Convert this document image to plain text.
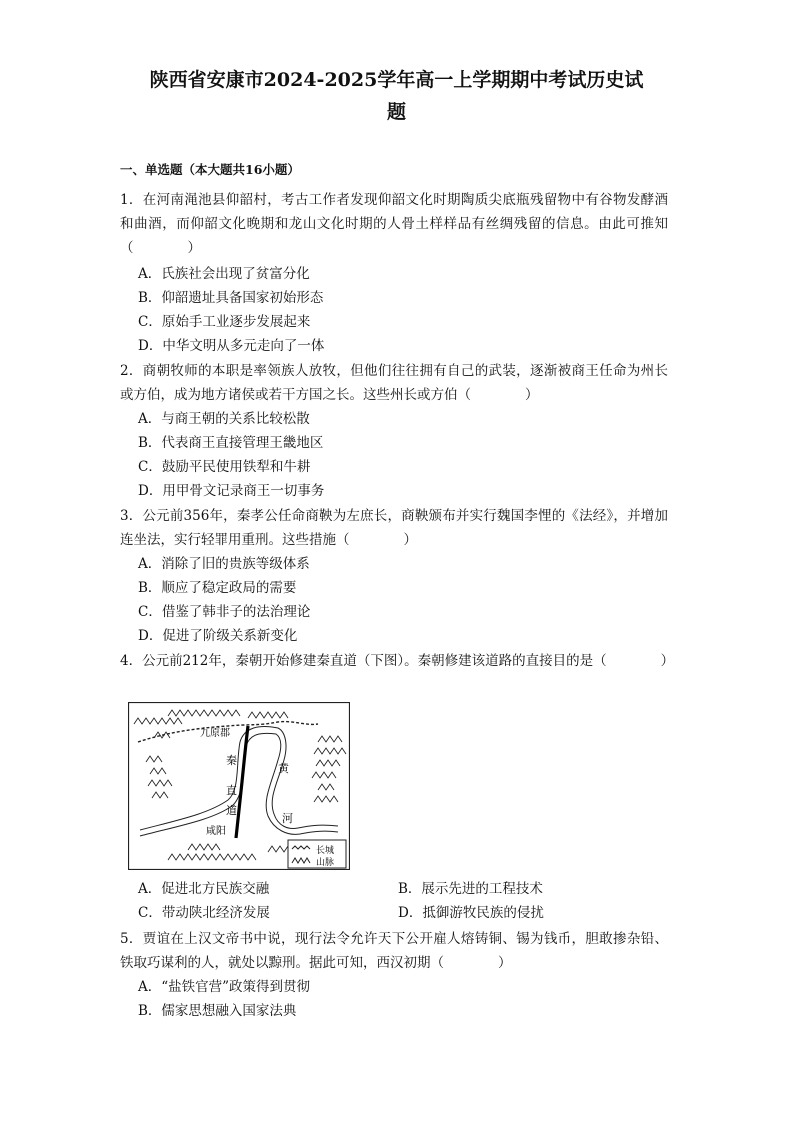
陕西省安康市2024-2025学年高一上学期期中考试历史试
题
一、单选题（本大题共16小题）
1．在河南渑池县仰韶村，考古工作者发现仰韶文化时期陶质尖底瓶残留物中有谷物发酵酒和曲酒，而仰韶文化晚期和龙山文化时期的人骨土样样品有丝绸残留的信息。由此可推知（　　　　）
A．氏族社会出现了贫富分化
B．仰韶遗址具备国家初始形态
C．原始手工业逐步发展起来
D．中华文明从多元走向了一体
2．商朝牧师的本职是率领族人放牧，但他们往往拥有自己的武装，逐渐被商王任命为州长或方伯，成为地方诸侯或若干方国之长。这些州长或方伯（　　　　）
A．与商王朝的关系比较松散
B．代表商王直接管理王畿地区
C．鼓励平民使用铁犁和牛耕
D．用甲骨文记录商王一切事务
3．公元前356年，秦孝公任命商鞅为左庶长，商鞅颁布并实行魏国李悝的《法经》，并增加连坐法，实行轻罪用重刑。这些措施（　　　　）
A．消除了旧的贵族等级体系
B．顺应了稳定政局的需要
C．借鉴了韩非子的法治理论
D．促进了阶级关系新变化
4．公元前212年，秦朝开始修建秦直道（下图）。秦朝修建该道路的直接目的是（　　　　）
九原郡
秦
直
道
咸阳
黄
河
长城
山脉
A．促进北方民族交融	B．展示先进的工程技术
C．带动陕北经济发展	D．抵御游牧民族的侵扰
5．贾谊在上汉文帝书中说，现行法令允许天下公开雇人熔铸铜、锡为钱币，胆敢掺杂铅、铁取巧谋利的人，就处以黥刑。据此可知，西汉初期（　　　　）
A．“盐铁官营”政策得到贯彻
B．儒家思想融入国家法典
